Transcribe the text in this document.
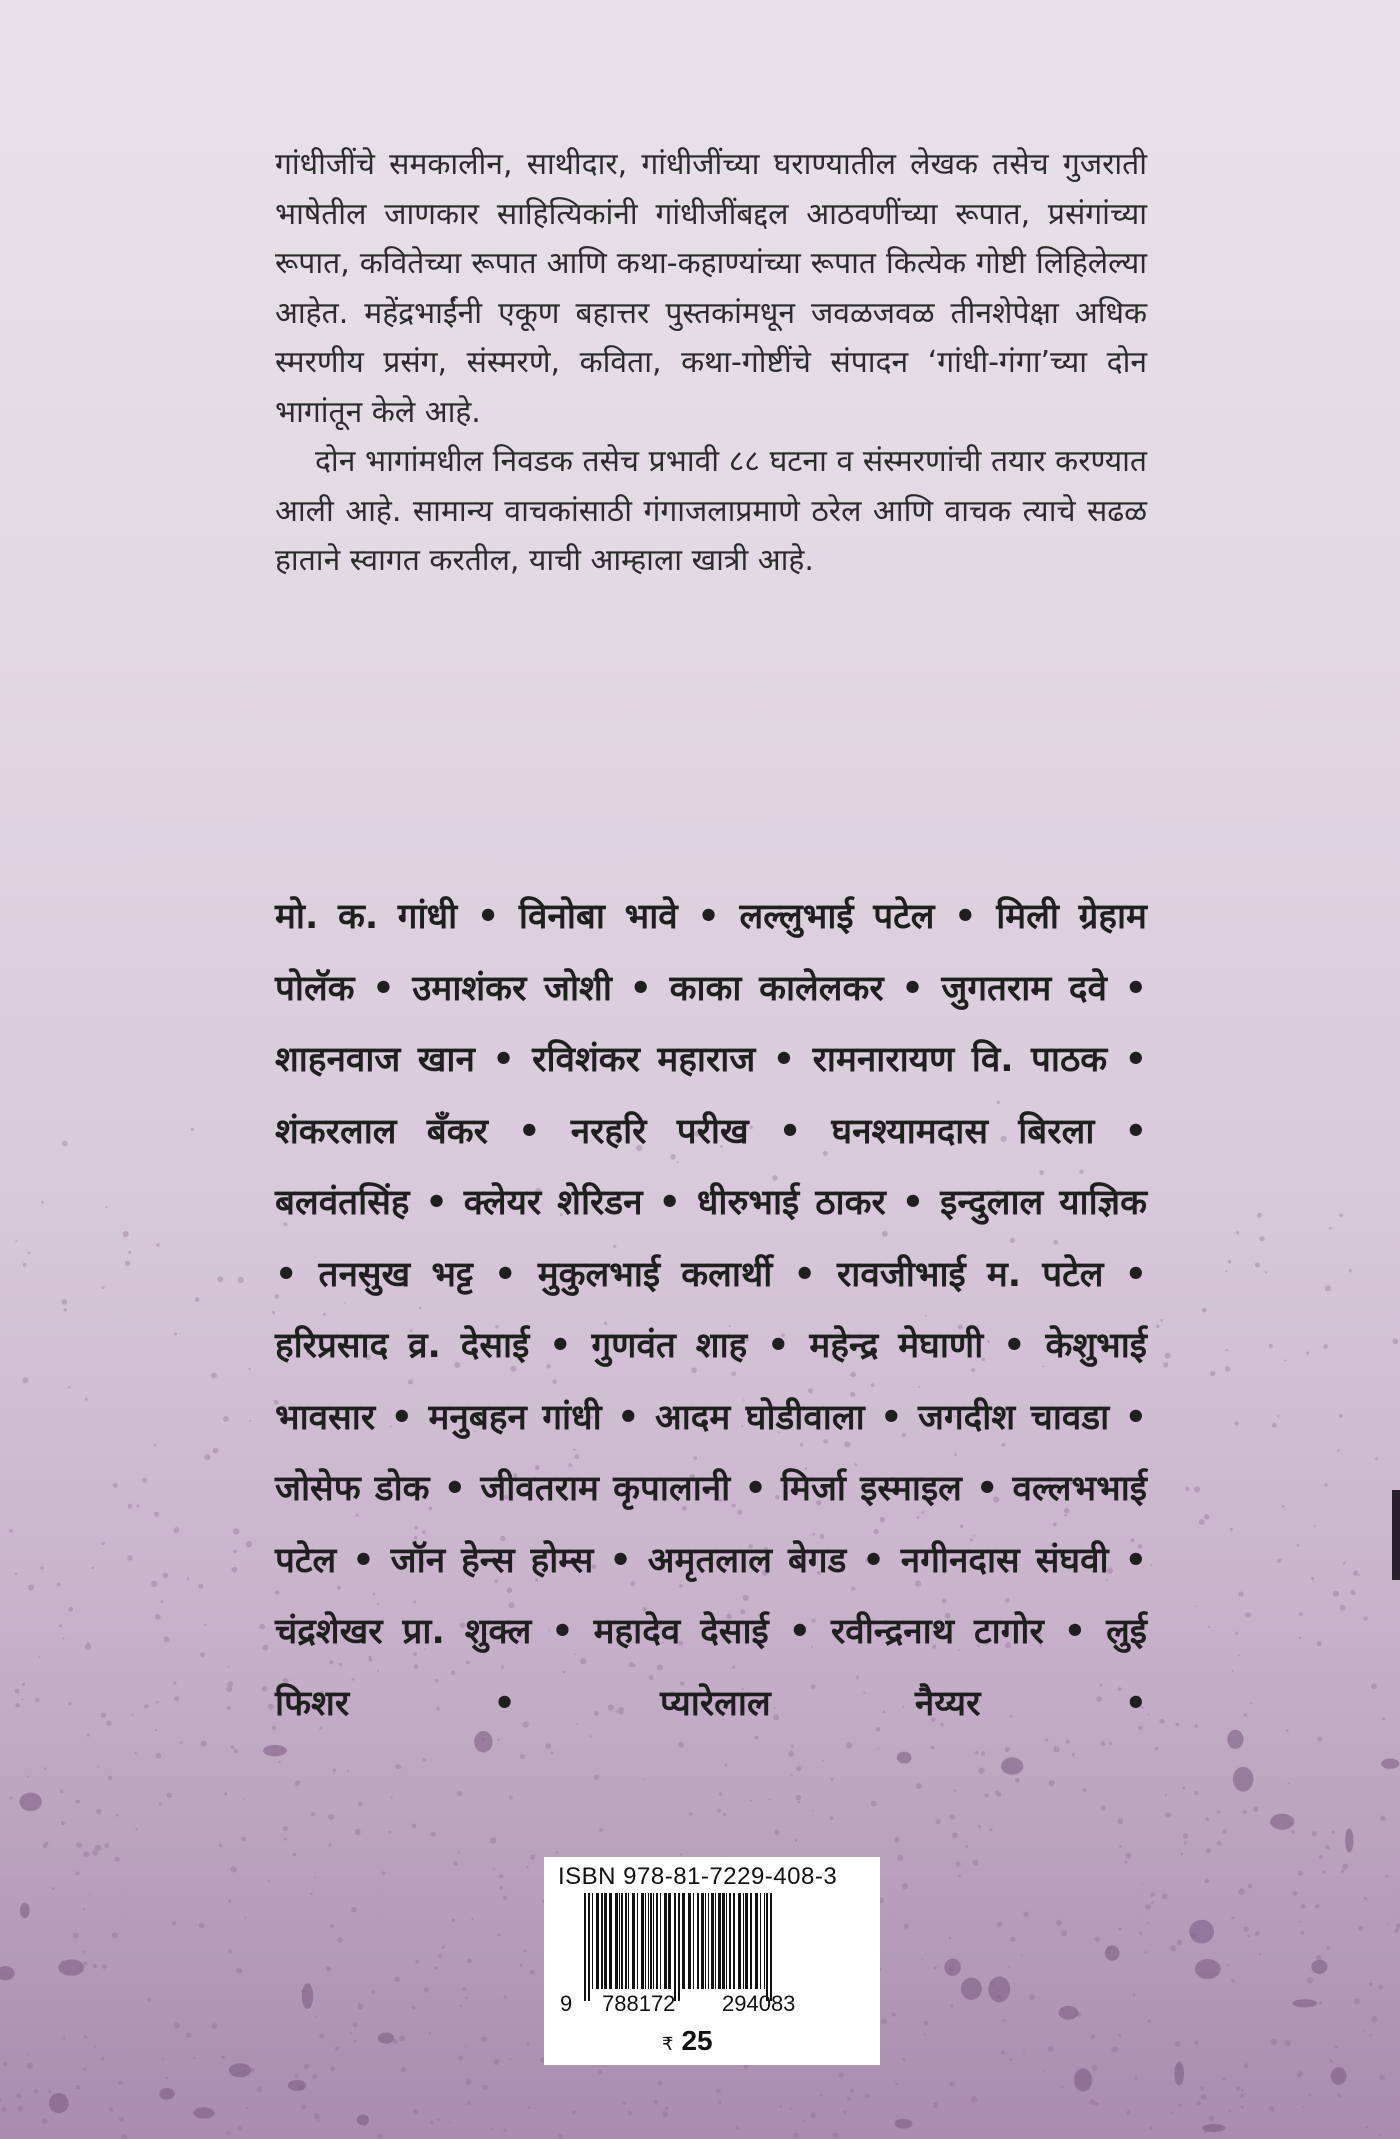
गांधीजींचे समकालीन, साथीदार, गांधीजींच्या घराण्यातील लेखक तसेच गुजराती भाषेतील जाणकार साहित्यिकांनी गांधीजींबद्दल आठवणींच्या रूपात, प्रसंगांच्या रूपात, कवितेच्या रूपात आणि कथा-कहाण्यांच्या रूपात कित्येक गोष्टी लिहिलेल्या आहेत. महेंद्रभाईंनी एकूण बहात्तर पुस्तकांमधून जवळजवळ तीनशेपेक्षा अधिक स्मरणीय प्रसंग, संस्मरणे, कविता, कथा-गोष्टींचे संपादन ‘गांधी-गंगा’च्या दोन भागांतून केले आहे.

दोन भागांमधील निवडक तसेच प्रभावी ८८ घटना व संस्मरणांची तयार करण्यात आली आहे. सामान्य वाचकांसाठी गंगाजलाप्रमाणे ठरेल आणि वाचक त्याचे सढळ हाताने स्वागत करतील, याची आम्हाला खात्री आहे.

मो. क. गांधी • विनोबा भावे • लल्लुभाई पटेल • मिली ग्रेहाम पोलॅक • उमाशंकर जोशी • काका कालेलकर • जुगतराम दवे • शाहनवाज खान • रविशंकर महाराज • रामनारायण वि. पाठक • शंकरलाल बँकर • नरहरि परीख • घनश्यामदास बिरला • बलवंतसिंह • क्लेयर शेरिडन • धीरुभाई ठाकर • इन्दुलाल याज्ञिक • तनसुख भट्ट • मुकुलभाई कलार्थी • रावजीभाई म. पटेल • हरिप्रसाद व्र. देसाई • गुणवंत शाह • महेन्द्र मेघाणी • केशुभाई भावसार • मनुबहन गांधी • आदम घोडीवाला • जगदीश चावडा • जोसेफ डोक • जीवतराम कृपालानी • मिर्जा इस्माइल • वल्लभभाई पटेल • जॉन हेन्स होम्स • अमृतलाल बेगड • नगीनदास संघवी • चंद्रशेखर प्रा. शुक्ल • महादेव देसाई • रवीन्द्रनाथ टागोर • लुई फिशर • प्यारेलाल नैय्यर •

ISBN 978-81-7229-408-3
9 788172 294083
₹ 25
